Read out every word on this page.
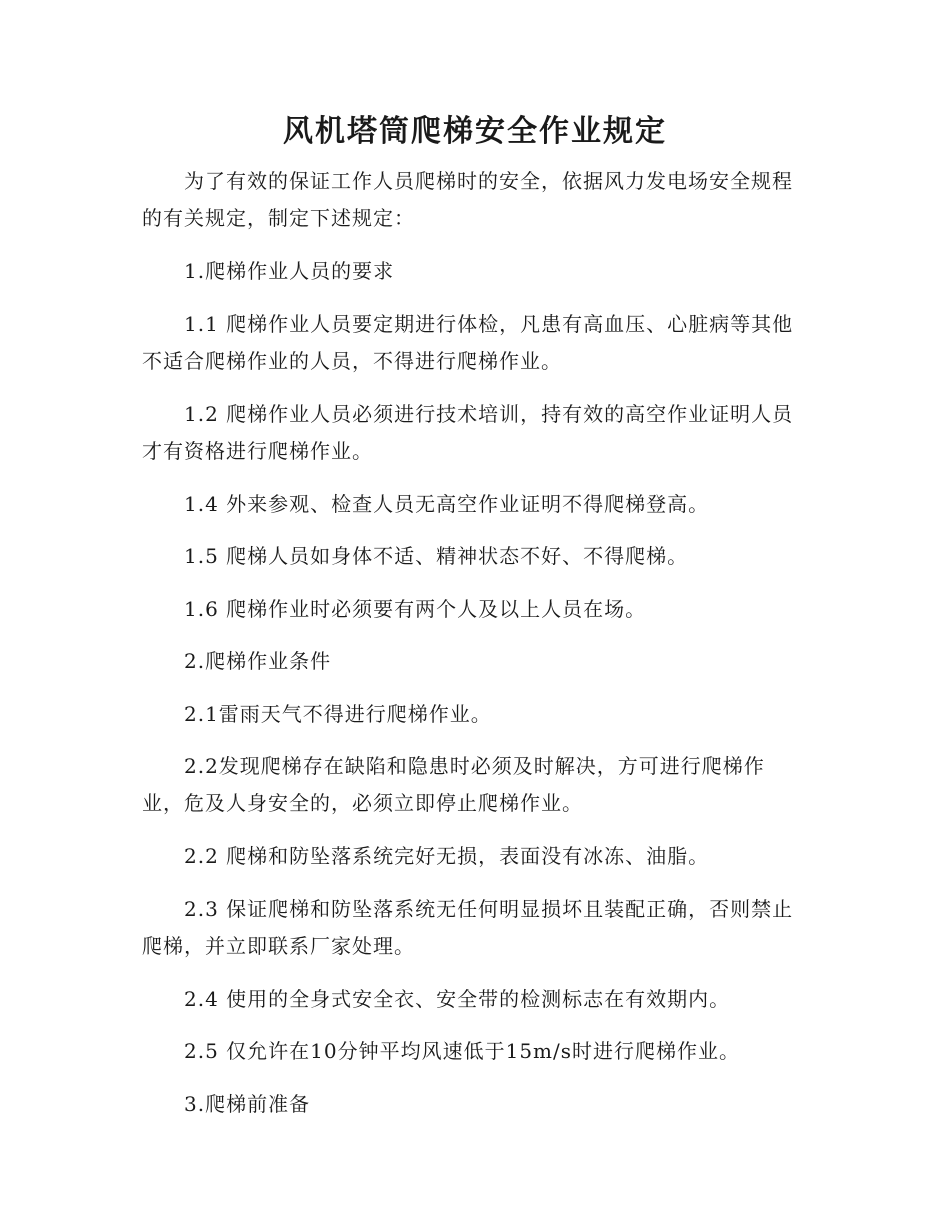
风机塔筒爬梯安全作业规定

为了有效的保证工作人员爬梯时的安全，依据风力发电场安全规程的有关规定，制定下述规定：

1.爬梯作业人员的要求

1.1 爬梯作业人员要定期进行体检，凡患有高血压、心脏病等其他不适合爬梯作业的人员，不得进行爬梯作业。

1.2 爬梯作业人员必须进行技术培训，持有效的高空作业证明人员才有资格进行爬梯作业。

1.4 外来参观、检查人员无高空作业证明不得爬梯登高。

1.5 爬梯人员如身体不适、精神状态不好、不得爬梯。

1.6 爬梯作业时必须要有两个人及以上人员在场。

2.爬梯作业条件

2.1雷雨天气不得进行爬梯作业。

2.2发现爬梯存在缺陷和隐患时必须及时解决，方可进行爬梯作业，危及人身安全的，必须立即停止爬梯作业。

2.2 爬梯和防坠落系统完好无损，表面没有冰冻、油脂。

2.3 保证爬梯和防坠落系统无任何明显损坏且装配正确，否则禁止爬梯，并立即联系厂家处理。

2.4 使用的全身式安全衣、安全带的检测标志在有效期内。

2.5 仅允许在10分钟平均风速低于15m/s时进行爬梯作业。

3.爬梯前准备
